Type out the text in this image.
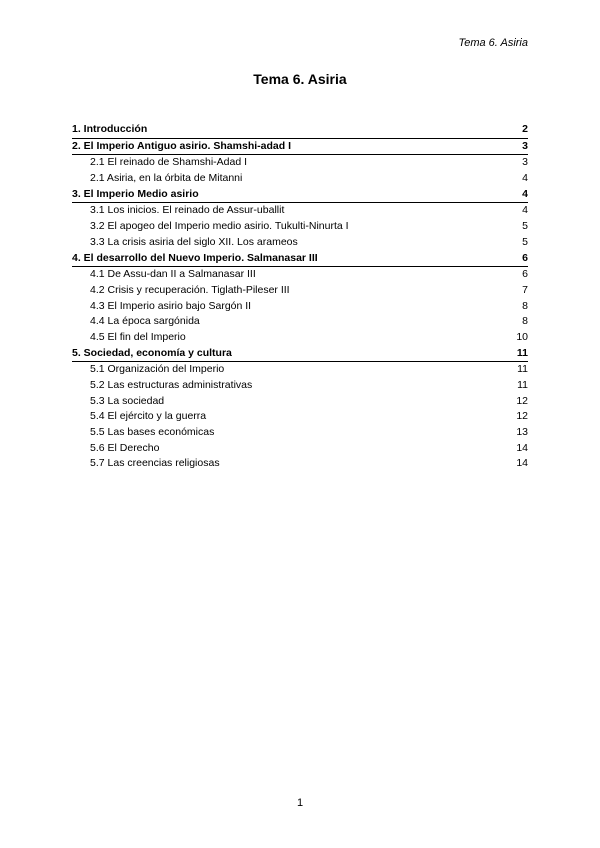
Tema 6. Asiria
Tema 6. Asiria
1. Introducción	2
2. El Imperio Antiguo asirio. Shamshi-adad I	3
2.1 El reinado de Shamshi-Adad I	3
2.1 Asiria, en la órbita de Mitanni	4
3. El Imperio Medio asirio	4
3.1 Los inicios. El reinado de Assur-uballit	4
3.2 El apogeo del Imperio medio asirio. Tukulti-Ninurta I	5
3.3 La crisis asiria del siglo XII. Los arameos	5
4. El desarrollo del Nuevo Imperio. Salmanasar III	6
4.1 De Assu-dan II a Salmanasar III	6
4.2 Crisis y recuperación. Tiglath-Pileser III	7
4.3 El Imperio asirio bajo Sargón II	8
4.4 La época sargónida	8
4.5 El fin del Imperio	10
5. Sociedad, economía y cultura	11
5.1 Organización del Imperio	11
5.2 Las estructuras administrativas	11
5.3 La sociedad	12
5.4 El ejército y la guerra	12
5.5 Las bases económicas	13
5.6 El Derecho	14
5.7 Las creencias religiosas	14
1
